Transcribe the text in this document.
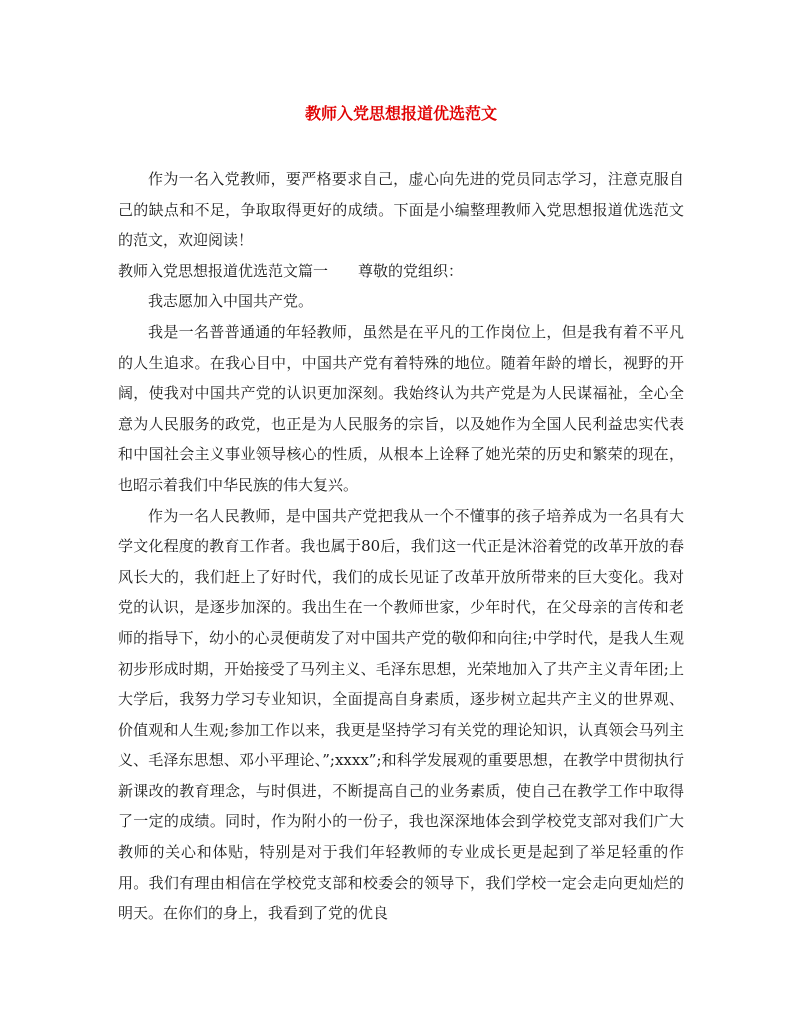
教师入党思想报道优选范文

作为一名入党教师，要严格要求自己，虚心向先进的党员同志学习，注意克服自己的缺点和不足，争取取得更好的成绩。下面是小编整理教师入党思想报道优选范文的范文，欢迎阅读！

教师入党思想报道优选范文篇一　　尊敬的党组织：

我志愿加入中国共产党。

我是一名普普通通的年轻教师，虽然是在平凡的工作岗位上，但是我有着不平凡的人生追求。在我心目中，中国共产党有着特殊的地位。随着年龄的增长，视野的开阔，使我对中国共产党的认识更加深刻。我始终认为共产党是为人民谋福祉，全心全意为人民服务的政党，也正是为人民服务的宗旨，以及她作为全国人民利益忠实代表和中国社会主义事业领导核心的性质，从根本上诠释了她光荣的历史和繁荣的现在，也昭示着我们中华民族的伟大复兴。

作为一名人民教师，是中国共产党把我从一个不懂事的孩子培养成为一名具有大学文化程度的教育工作者。我也属于80后，我们这一代正是沐浴着党的改革开放的春风长大的，我们赶上了好时代，我们的成长见证了改革开放所带来的巨大变化。我对党的认识，是逐步加深的。我出生在一个教师世家，少年时代，在父母亲的言传和老师的指导下，幼小的心灵便萌发了对中国共产党的敬仰和向往;中学时代，是我人生观初步形成时期，开始接受了马列主义、毛泽东思想，光荣地加入了共产主义青年团;上大学后，我努力学习专业知识，全面提高自身素质，逐步树立起共产主义的世界观、价值观和人生观;参加工作以来，我更是坚持学习有关党的理论知识，认真领会马列主义、毛泽东思想、邓小平理论、”;xxxx”;和科学发展观的重要思想，在教学中贯彻执行新课改的教育理念，与时俱进，不断提高自己的业务素质，使自己在教学工作中取得了一定的成绩。同时，作为附小的一份子，我也深深地体会到学校党支部对我们广大教师的关心和体贴，特别是对于我们年轻教师的专业成长更是起到了举足轻重的作用。我们有理由相信在学校党支部和校委会的领导下，我们学校一定会走向更灿烂的明天。在你们的身上，我看到了党的优良
